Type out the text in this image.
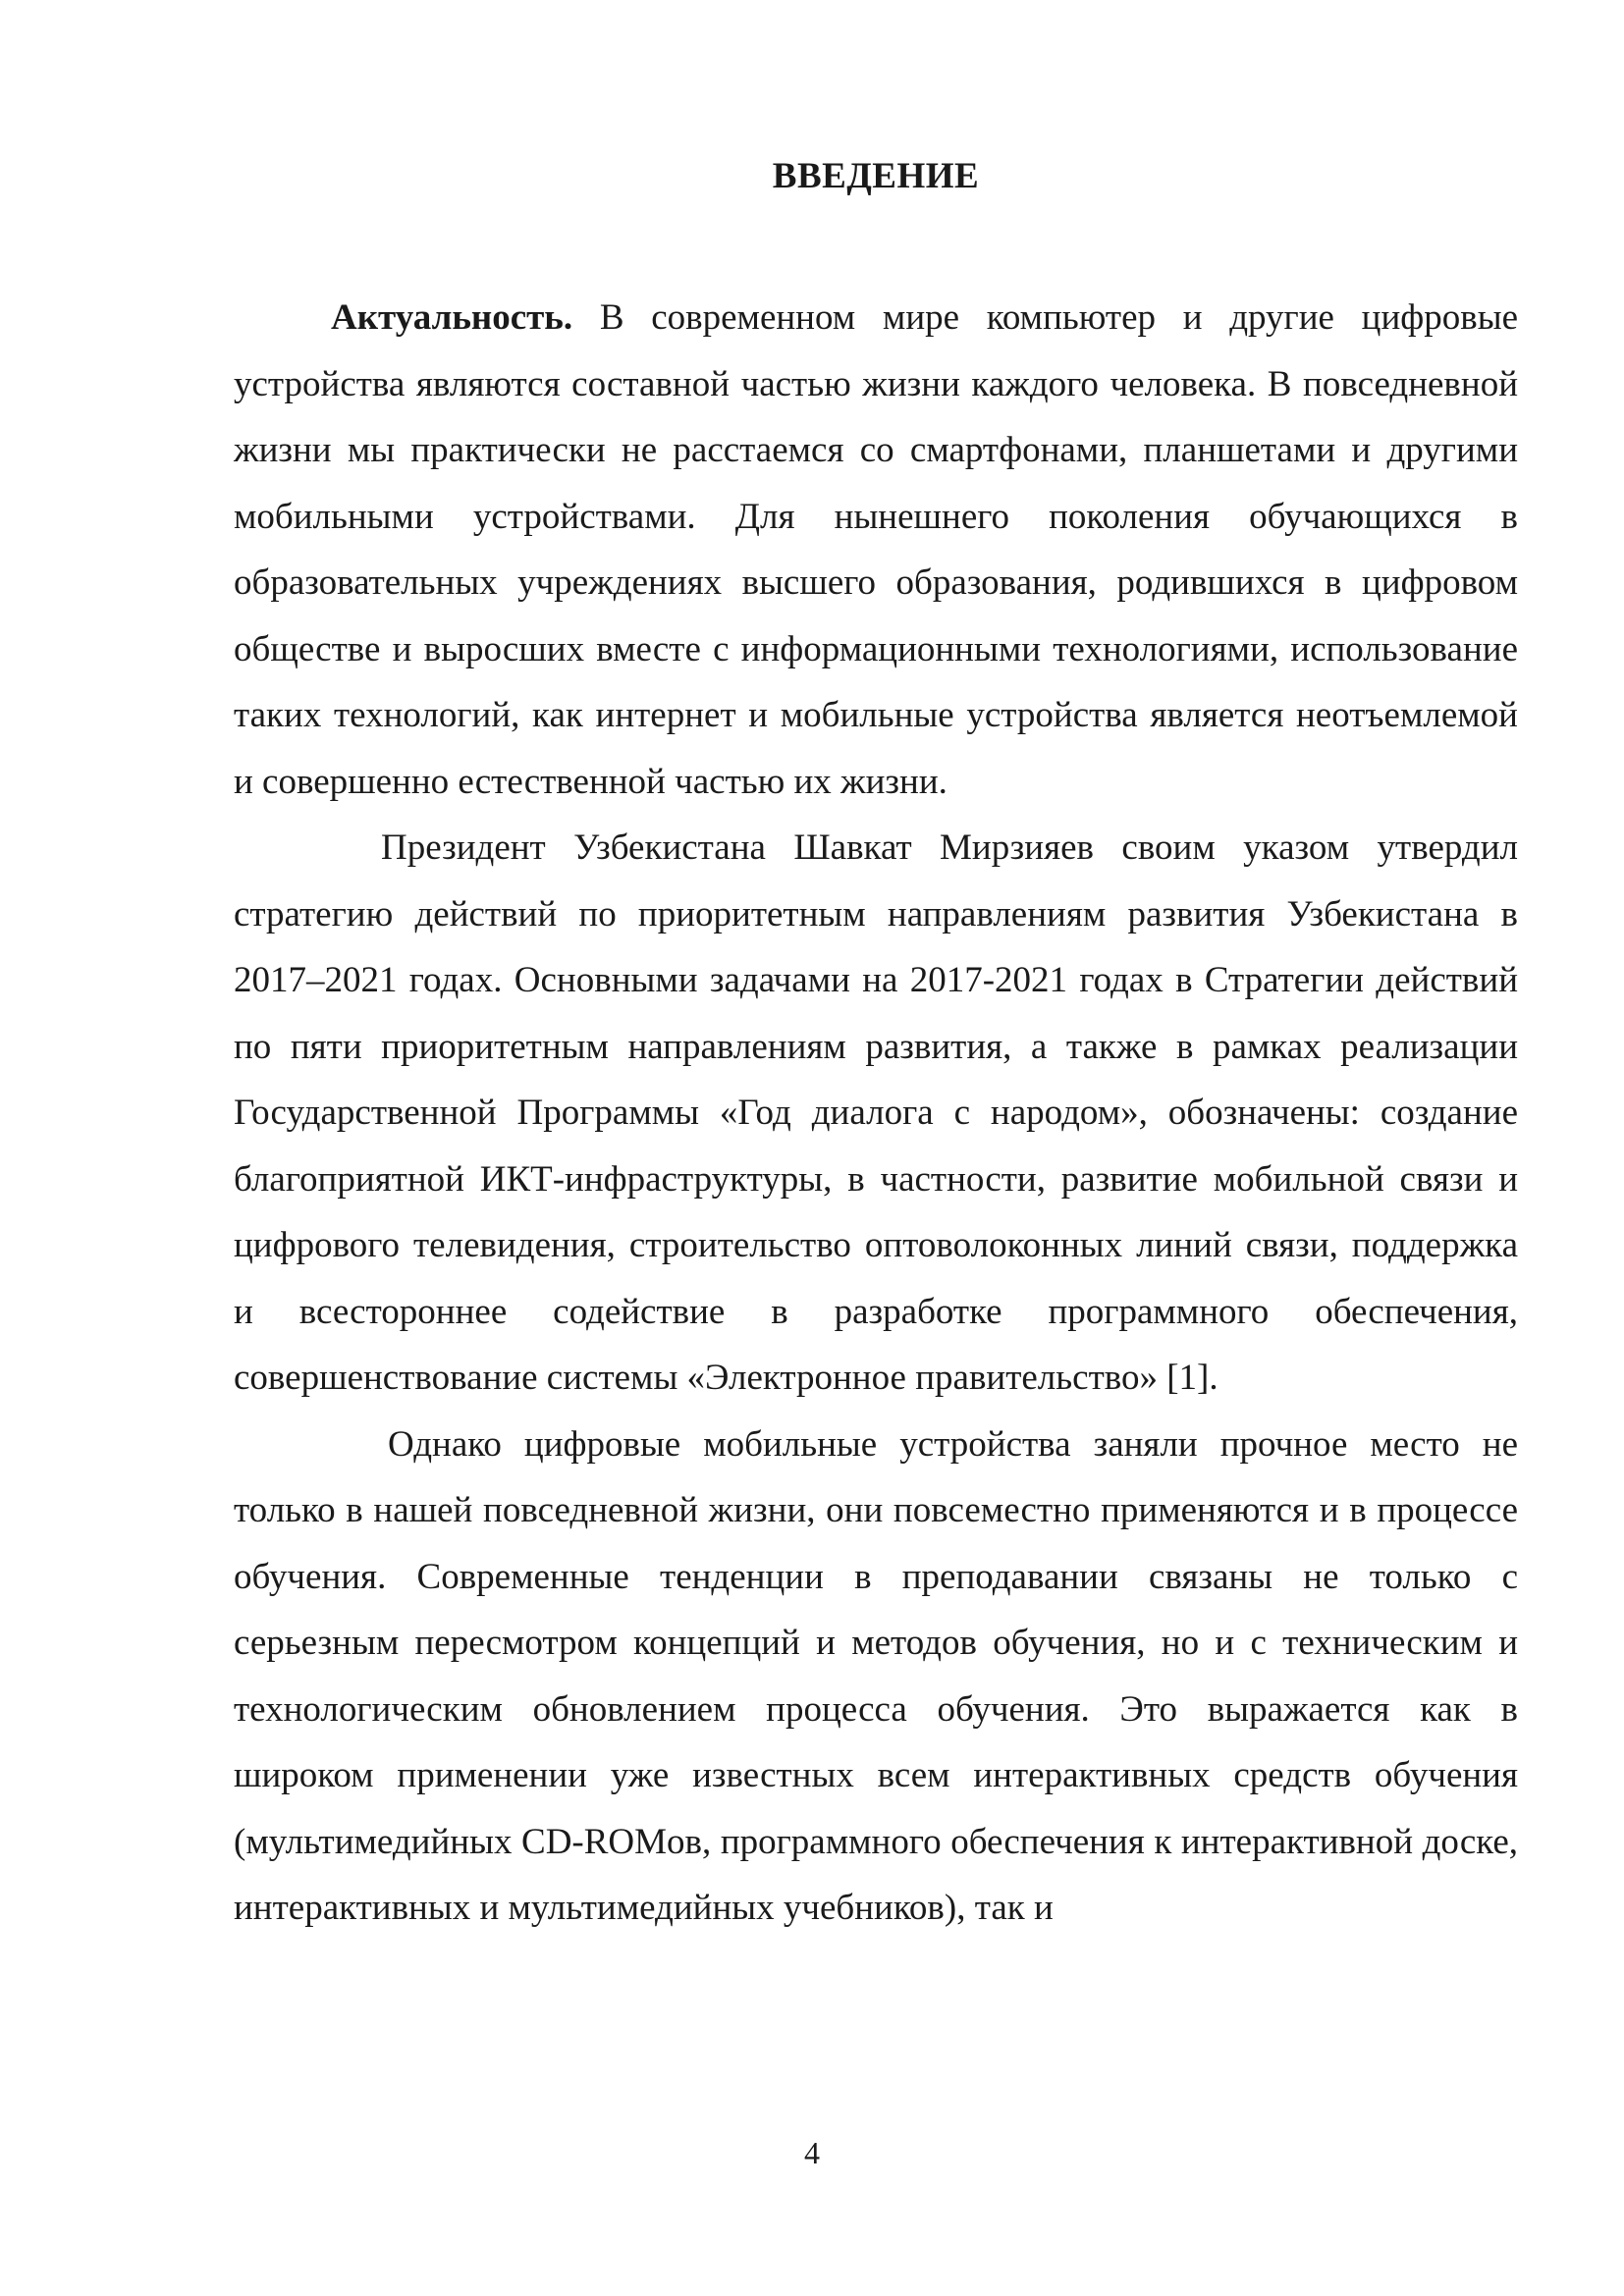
ВВЕДЕНИЕ

Актуальность. В современном мире компьютер и другие цифровые устройства являются составной частью жизни каждого человека. В повседневной жизни мы практически не расстаемся со смартфонами, планшетами и другими мобильными устройствами. Для нынешнего поколения обучающихся в образовательных учреждениях высшего образования, родившихся в цифровом обществе и выросших вместе с информационными технологиями, использование таких технологий, как интернет и мобильные устройства является неотъемлемой и совершенно естественной частью их жизни.

Президент Узбекистана Шавкат Мирзияев своим указом утвердил стратегию действий по приоритетным направлениям развития Узбекистана в 2017–2021 годах. Основными задачами на 2017-2021 годах в Стратегии действий по пяти приоритетным направлениям развития, а также в рамках реализации Государственной Программы «Год диалога с народом», обозначены: создание благоприятной ИКТ-инфраструктуры, в частности, развитие мобильной связи и цифрового телевидения, строительство оптоволоконных линий связи, поддержка и всестороннее содействие в разработке программного обеспечения, совершенствование системы «Электронное правительство» [1].

Однако цифровые мобильные устройства заняли прочное место не только в нашей повседневной жизни, они повсеместно применяются и в процессе обучения. Современные тенденции в преподавании связаны не только с серьезным пересмотром концепций и методов обучения, но и с техническим и технологическим обновлением процесса обучения. Это выражается как в широком применении уже известных всем интерактивных средств обучения (мультимедийных CD-ROMов, программного обеспечения к интерактивной доске, интерактивных и мультимедийных учебников), так и

4
